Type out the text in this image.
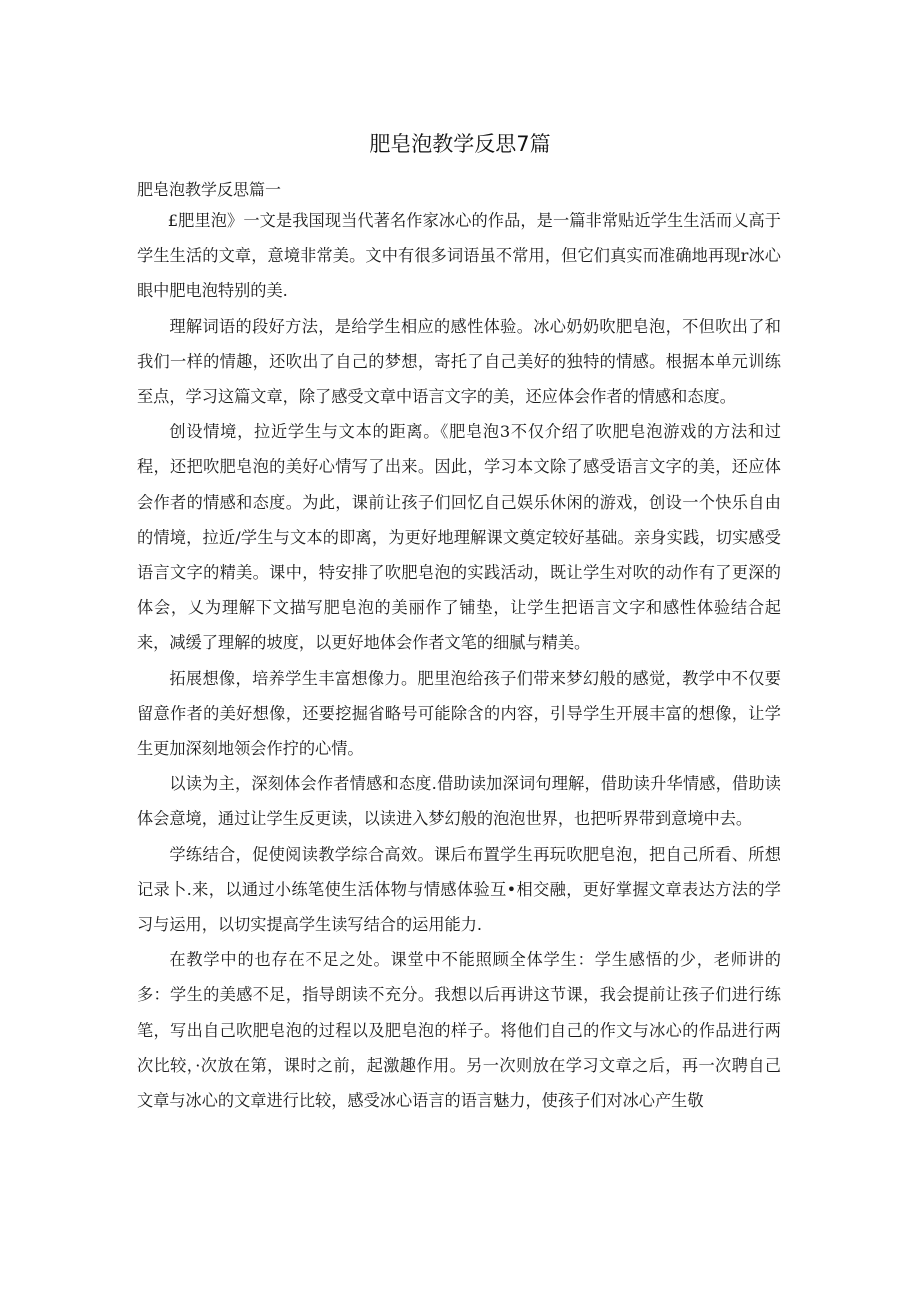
肥皂泡教学反思7篇
肥皂泡教学反思篇一

£肥里泡》一文是我国现当代著名作家冰心的作品，是一篇非常贴近学生生活而乂高于学生生活的文章，意境非常美。文中有很多词语虽不常用，但它们真实而准确地再现r冰心眼中肥电泡特别的美.

理解词语的段好方法，是给学生相应的感性体验。冰心奶奶吹肥皂泡，不但吹出了和我们一样的情趣，还吹出了自己的梦想，寄托了自己美好的独特的情感。根据本单元训练至点，学习这篇文章，除了感受文章中语言文字的美，还应体会作者的情感和态度。

创设情境，拉近学生与文本的距离。《肥皂泡3不仅介绍了吹肥皂泡游戏的方法和过程，还把吹肥皂泡的美好心情写了出来。因此，学习本文除了感受语言文字的美，还应体会作者的情感和态度。为此，课前让孩子们回忆自己娱乐休闲的游戏，创设一个快乐自由的情境，拉近/学生与文本的即离，为更好地理解课文奠定较好基础。亲身实践，切实感受语言文字的精美。课中，特安排了吹肥皂泡的实践活动，既让学生对吹的动作有了更深的体会，乂为理解下文描写肥皂泡的美丽作了铺垫，让学生把语言文字和感性体验结合起来，减缓了理解的坡度，以更好地体会作者文笔的细腻与精美。

拓展想像，培养学生丰富想像力。肥里泡给孩子们带来梦幻般的感觉，教学中不仅要留意作者的美好想像，还要挖掘省略号可能除含的内容，引导学生开展丰富的想像，让学生更加深刻地领会作拧的心情。

以读为主，深刻体会作者情感和态度.借助读加深词句理解，借助读升华情感，借助读体会意境，通过让学生反更读，以读进入梦幻般的泡泡世界，也把听界带到意境中去。

学练结合，促使阅读教学综合高效。课后布置学生再玩吹肥皂泡，把自己所看、所想记录卜.来，以通过小练笔使生活体物与情感体验互•相交融，更好掌握文章表达方法的学习与运用，以切实提高学生读写结合的运用能力.

在教学中的也存在不足之处。课堂中不能照顾全体学生：学生感悟的少，老师讲的多：学生的美感不足，指导朗读不充分。我想以后再讲这节课，我会提前让孩子们进行练笔，写出自己吹肥皂泡的过程以及肥皂泡的样子。将他们自己的作文与冰心的作品进行两次比较，·次放在第，课时之前，起激趣作用。另一次则放在学习文章之后，再一次聘自己文章与冰心的文章进行比较，感受冰心语言的语言魅力，使孩子们对冰心产生敬
